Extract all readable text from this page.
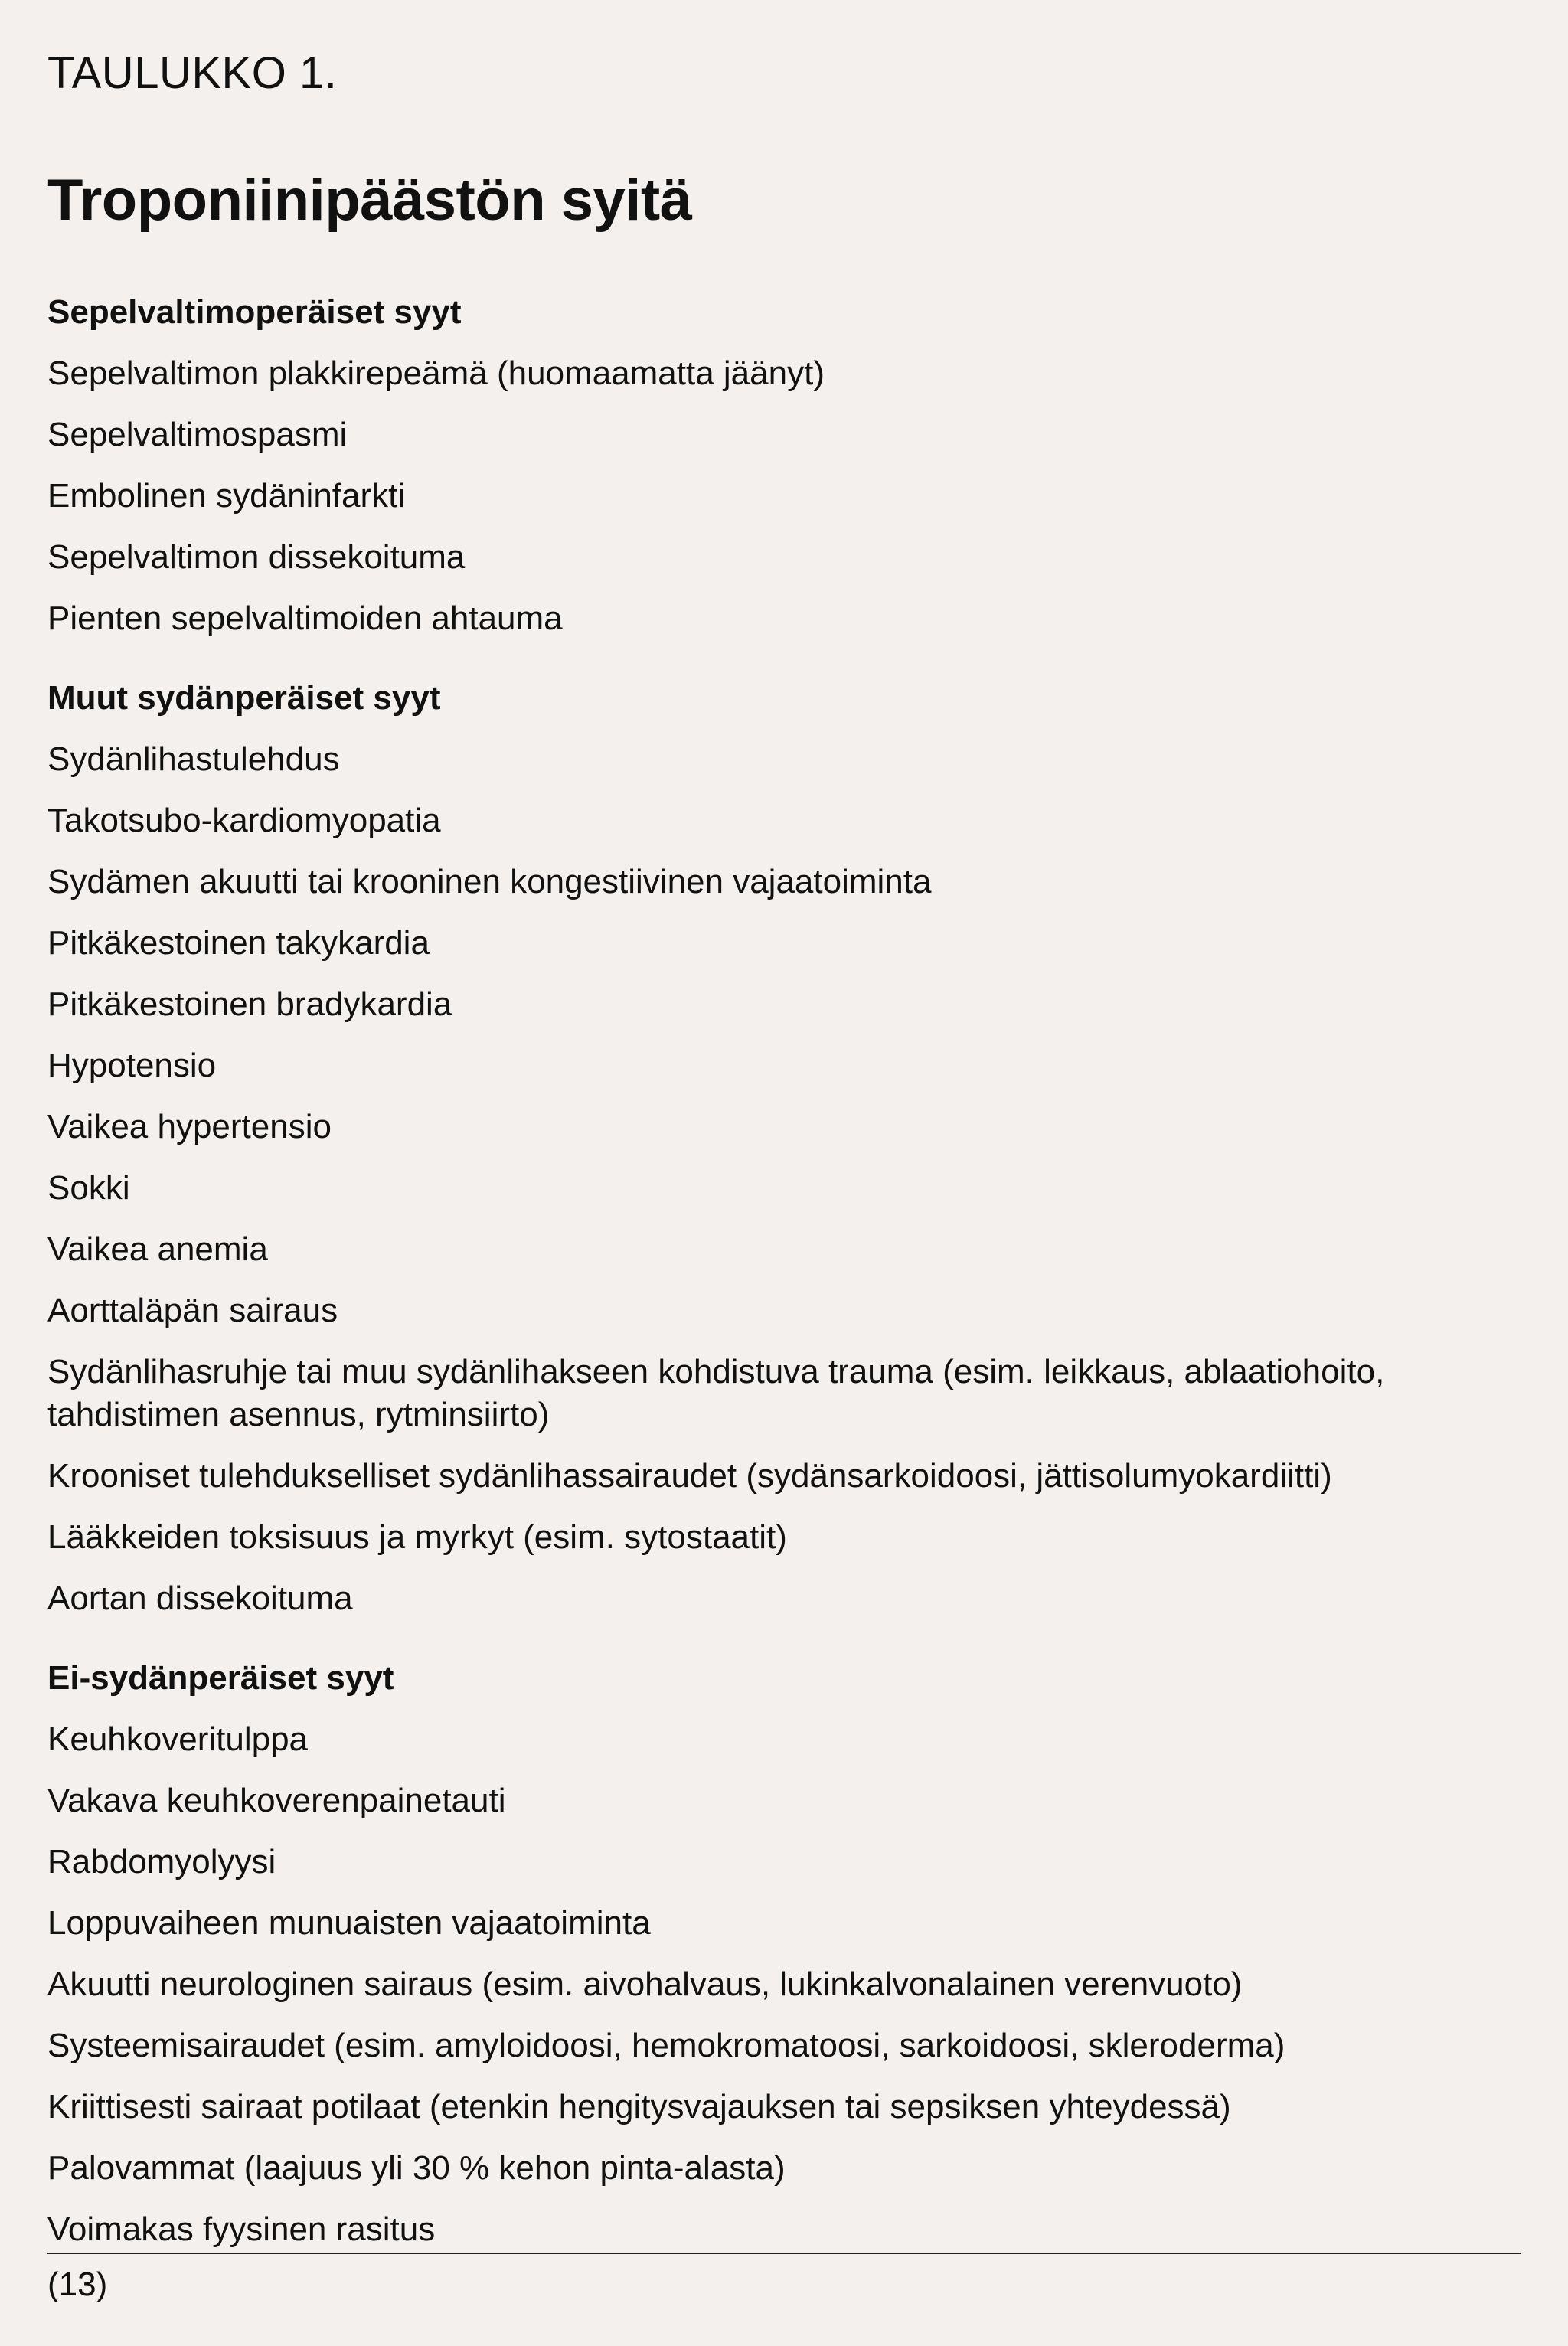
TAULUKKO 1.
Troponiinipäästön syitä
Sepelvaltimoperäiset syyt
Sepelvaltimon plakkirepeämä (huomaamatta jäänyt)
Sepelvaltimospasmi
Embolinen sydäninfarkti
Sepelvaltimon dissekoituma
Pienten sepelvaltimoiden ahtauma
Muut sydänperäiset syyt
Sydänlihastulehdus
Takotsubo-kardiomyopatia
Sydämen akuutti tai krooninen kongestiivinen vajaatoiminta
Pitkäkestoinen takykardia
Pitkäkestoinen bradykardia
Hypotensio
Vaikea hypertensio
Sokki
Vaikea anemia
Aorttaläpän sairaus
Sydänlihasruhje tai muu sydänlihakseen kohdistuva trauma (esim. leikkaus, ablaatiohoito, tahdistimen asennus, rytminsiirto)
Krooniset tulehdukselliset sydänlihassairaudet (sydänsarkoidoosi, jättisolumyokardiitti)
Lääkkeiden toksisuus ja myrkyt (esim. sytostaatit)
Aortan dissekoituma
Ei-sydänperäiset syyt
Keuhkoveritulppa
Vakava keuhkoverenpainetauti
Rabdomyolyysi
Loppuvaiheen munuaisten vajaatoiminta
Akuutti neurologinen sairaus (esim. aivohalvaus, lukinkalvonalainen verenvuoto)
Systeemisairaudet (esim. amyloidoosi, hemokromatoosi, sarkoidoosi, skleroderma)
Kriittisesti sairaat potilaat (etenkin hengitysvajauksen tai sepsiksen yhteydessä)
Palovammat (laajuus yli 30 % kehon pinta-alasta)
Voimakas fyysinen rasitus
(13)
